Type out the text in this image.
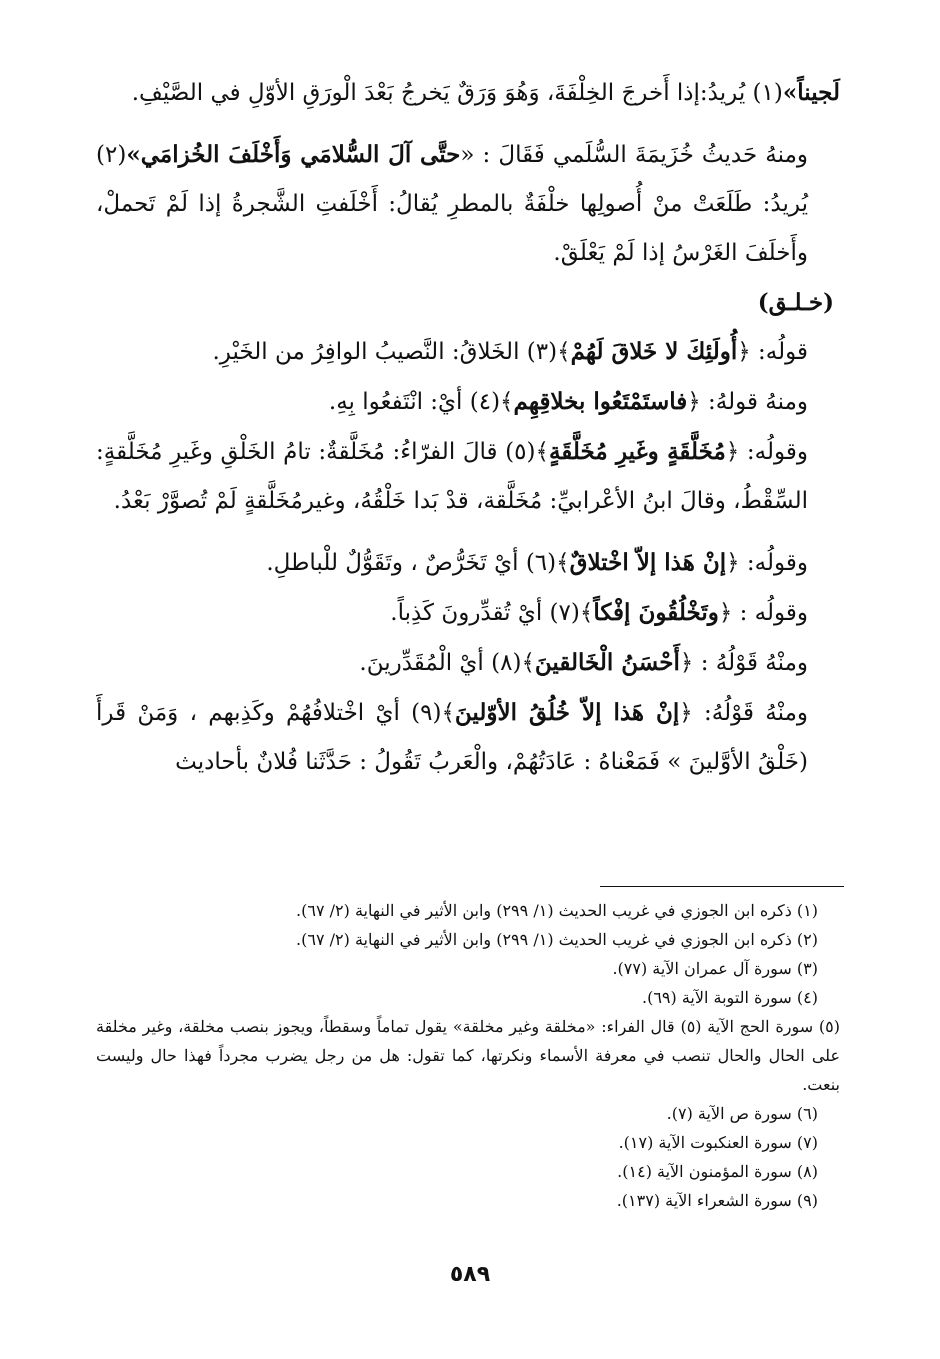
لَجيناً»(١) يُريدُ:إذا أَخرجَ الخِلْفَةَ، وَهُوَ وَرَقٌ يَخرجُ بَعْدَ الْورَقِ الأوّلِ في الصَّيْفِ.

ومنهُ حَديثُ خُزَيمَةَ السُّلَمي فَقَالَ : «حتَّى آلَ السُّلامَي وَأَخْلَفَ الخُزامَي»(٢) يُريدُ: طَلَعَتْ منْ أُصولِها خلْفَةٌ بالمطرِ يُقالُ: أَخْلَفتِ الشَّجرةُ إذا لَمْ تَحملْ، وأَخلَفَ الغَرْسُ إذا لَمْ يَعْلَقْ.

(خـلـق)

قولُه: ﴿أُولَئِكَ لا خَلاقَ لَهُمْ﴾(٣) الخَلاقُ: النَّصيبُ الوافِرُ من الخَيْرِ.

ومنهُ قولهُ: ﴿فاستَمْتَعُوا بخلاقِهِم﴾(٤) أيْ: انْتَفعُوا بِهِ.

وقولُه: ﴿مُخَلَّقَةٍ وغَيرِ مُخَلَّقَةٍ﴾(٥) قالَ الفرّاءُ: مُخَلَّقةٌ: تامُ الخَلْقِ وغَيرِ مُخَلَّقةٍ: السِّقْطُ، وقالَ ابنُ الأعْرابيِّ: مُخَلَّقة، قدْ بَدا خَلْقُهُ، وغيرمُخَلَّقةٍ لَمْ تُصوَّرْ بَعْدُ.

وقولُه: ﴿إنْ هَذا إلاّ اخْتلاقٌ﴾(٦) أيْ تَخَرُّصٌ ، وتَقَوُّلٌ للْباطلِ.

وقولُه : ﴿وتَخْلُقُونَ إفْكاً﴾(٧) أيْ تُقدِّرونَ كَذِباً.

ومنْهُ قَوْلُهُ : ﴿أَحْسَنُ الْخَالقينَ﴾(٨) أيْ الْمُقَدِّرينَ.

ومنْهُ قَوْلُهُ: ﴿إنْ هَذا إلاّ خُلُقُ الأوّلينَ﴾(٩) أيْ اخْتلافُهُمْ وكَذِبهم ، وَمَنْ قَرأَ (خَلْقُ الأوَّلينَ » فَمَعْناهُ : عَادَتُهُمْ، والْعَربُ تَقُولُ : حَدَّثَنا فُلانٌ بأحاديث

(١) ذكره ابن الجوزي في غريب الحديث (١/ ٢٩٩) وابن الأثير في النهاية (٢/ ٦٧).

(٢) ذكره ابن الجوزي في غريب الحديث (١/ ٢٩٩) وابن الأثير في النهاية (٢/ ٦٧).

(٣) سورة آل عمران الآية (٧٧).

(٤) سورة التوبة الآية (٦٩).

(٥) سورة الحج الآية (٥) قال الفراء: «مخلقة وغير مخلقة» يقول تماماً وسقطاً، ويجوز بنصب مخلقة، وغير مخلقة على الحال والحال تنصب في معرفة الأسماء ونكرتها، كما تقول: هل من رجل يضرب مجرداً فهذا حال وليست بنعت.

(٦) سورة ص الآية (٧).

(٧) سورة العنكبوت الآية (١٧).

(٨) سورة المؤمنون الآية (١٤).

(٩) سورة الشعراء الآية (١٣٧).

٥٨٩
